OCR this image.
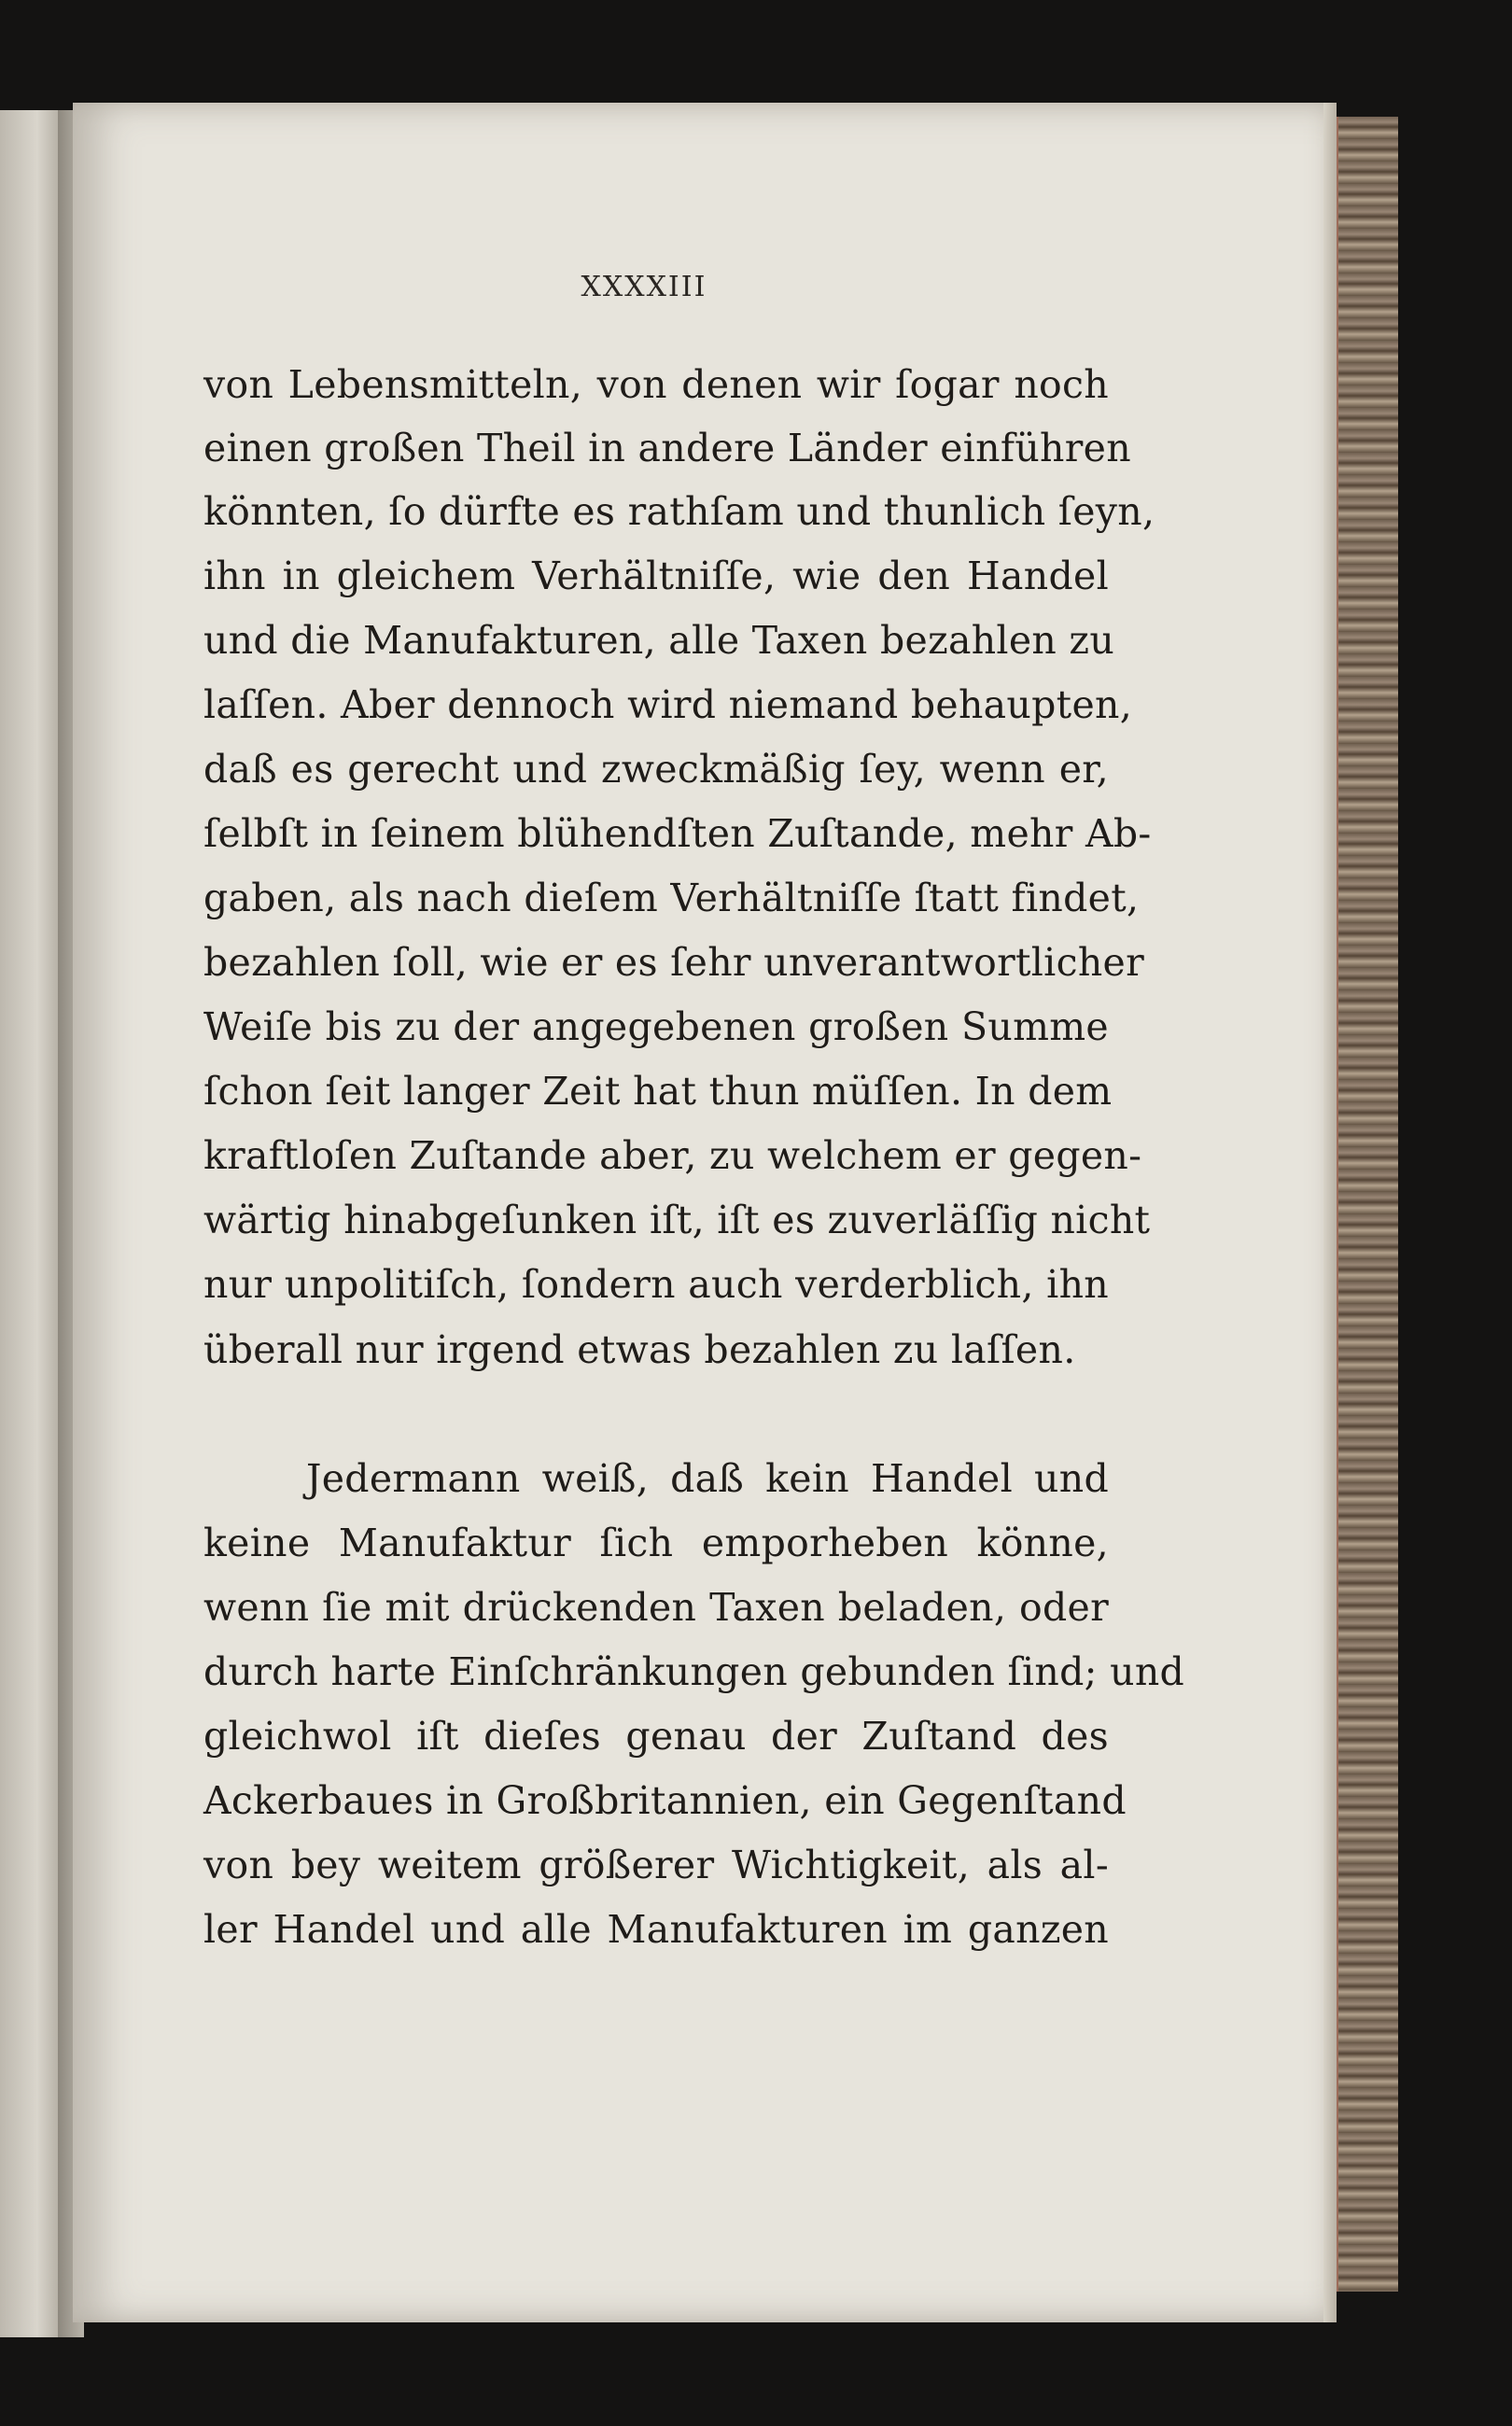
XXXXIII
von Lebensmitteln, von denen wir ſogar noch
einen großen Theil in andere Länder einführen
könnten, ſo dürfte es rathſam und thunlich ſeyn,
ihn in gleichem Verhältniſſe, wie den Handel
und die Manufakturen, alle Taxen bezahlen zu
laſſen. Aber dennoch wird niemand behaupten,
daß es gerecht und zweckmäßig ſey, wenn er,
ſelbſt in ſeinem blühendſten Zuſtande, mehr Ab-
gaben, als nach dieſem Verhältniſſe ſtatt findet,
bezahlen ſoll, wie er es ſehr unverantwortlicher
Weiſe bis zu der angegebenen großen Summe
ſchon ſeit langer Zeit hat thun müſſen. In dem
kraftloſen Zuſtande aber, zu welchem er gegen-
wärtig hinabgeſunken iſt, iſt es zuverläſſig nicht
nur unpolitiſch, ſondern auch verderblich, ihn
überall nur irgend etwas bezahlen zu laſſen.
Jedermann weiß, daß kein Handel und
keine Manufaktur ſich emporheben könne,
wenn ſie mit drückenden Taxen beladen, oder
durch harte Einſchränkungen gebunden ſind; und
gleichwol iſt dieſes genau der Zuſtand des
Ackerbaues in Großbritannien, ein Gegenſtand
von bey weitem größerer Wichtigkeit, als al-
ler Handel und alle Manufakturen im ganzen
